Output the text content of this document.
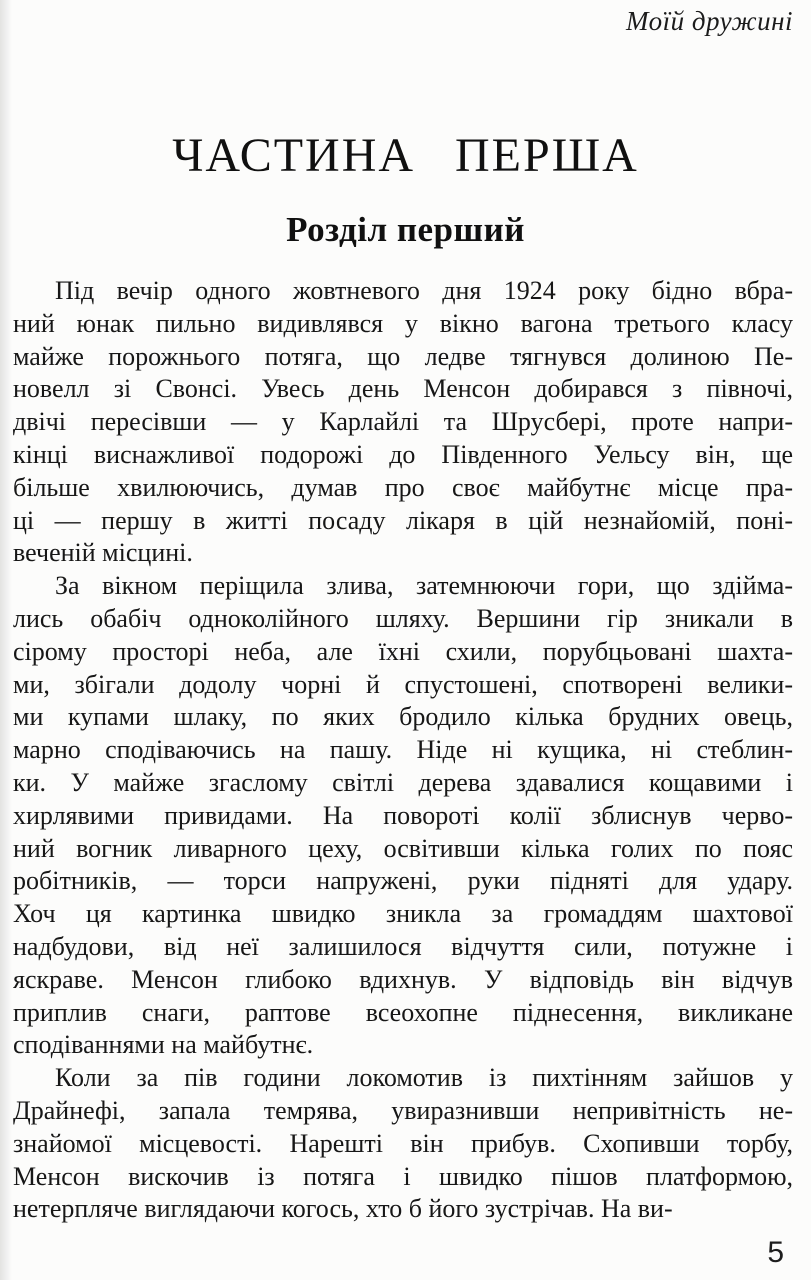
Моїй дружині
ЧАСТИНА ПЕРША
Розділ перший
Під вечір одного жовтневого дня 1924 року бідно вбра-
ний юнак пильно видивлявся у вікно вагона третього класу
майже порожнього потяга, що ледве тягнувся долиною Пе-
новелл зі Свонсі. Увесь день Менсон добирався з півночі,
двічі пересівши — у Карлайлі та Шрусбері, проте напри-
кінці виснажливої подорожі до Південного Уельсу він, ще
більше хвилюючись, думав про своє майбутнє місце пра-
ці — першу в житті посаду лікаря в цій незнайомій, поні-
веченій місцині.
За вікном періщила злива, затемнюючи гори, що здійма-
лись обабіч одноколійного шляху. Вершини гір зникали в
сірому просторі неба, але їхні схили, порубцьовані шахта-
ми, збігали додолу чорні й спустошені, спотворені велики-
ми купами шлаку, по яких бродило кілька брудних овець,
марно сподіваючись на пашу. Ніде ні кущика, ні стеблин-
ки. У майже згаслому світлі дерева здавалися кощавими і
хирлявими привидами. На повороті колії зблиснув черво-
ний вогник ливарного цеху, освітивши кілька голих по пояс
робітників, — торси напружені, руки підняті для удару.
Хоч ця картинка швидко зникла за громаддям шахтової
надбудови, від неї залишилося відчуття сили, потужне і
яскраве. Менсон глибоко вдихнув. У відповідь він відчув
приплив снаги, раптове всеохопне піднесення, викликане
сподіваннями на майбутнє.
Коли за пів години локомотив із пихтінням зайшов у
Драйнефі, запала темрява, увиразнивши непривітність не-
знайомої місцевості. Нарешті він прибув. Схопивши торбу,
Менсон вискочив із потяга і швидко пішов платформою,
нетерпляче виглядаючи когось, хто б його зустрічав. На ви-
5
